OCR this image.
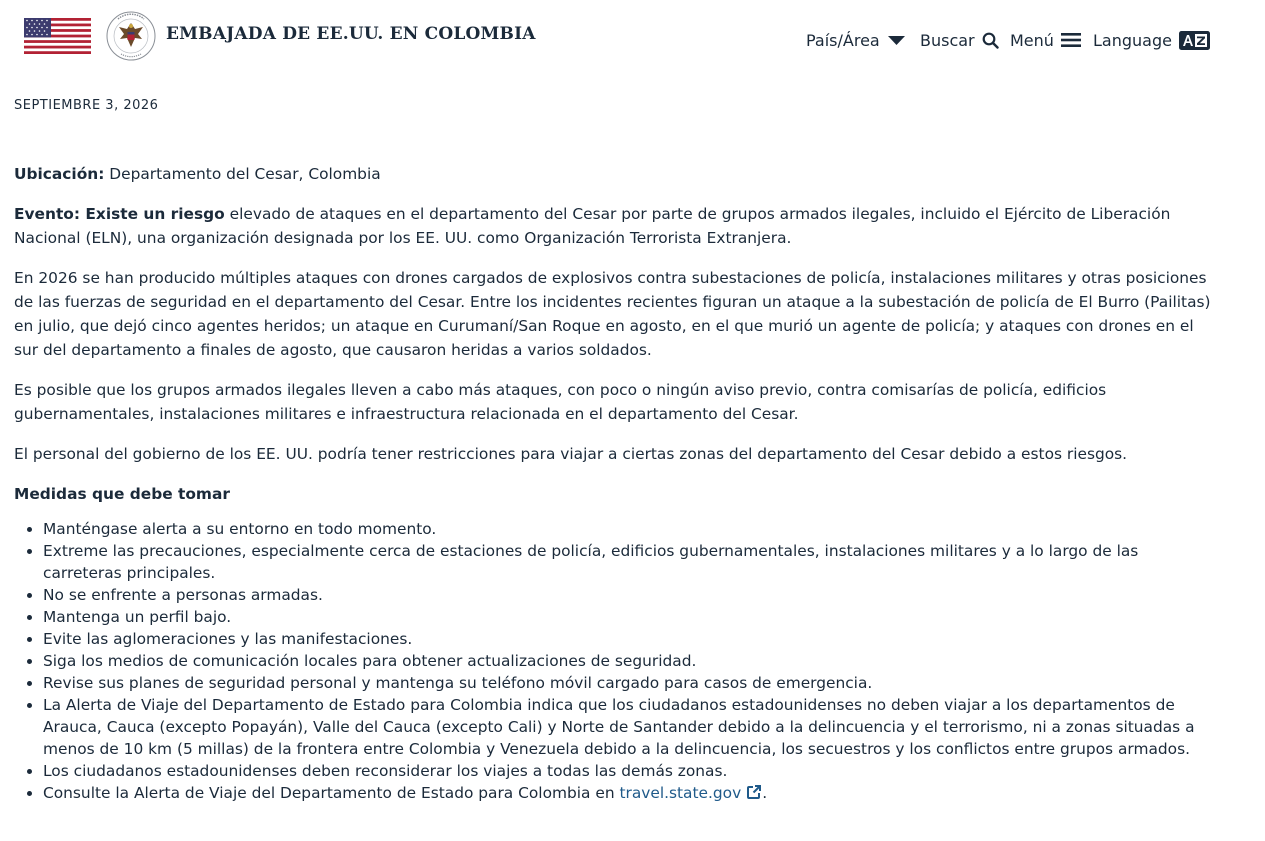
EMBAJADA DE EE.UU. EN COLOMBIA	País/Área	Buscar Menú Language
SEPTIEMBRE 3, 2026

Ubicación: Departamento del Cesar, Colombia

Evento: Existe un riesgo elevado de ataques en el departamento del Cesar por parte de grupos armados ilegales, incluido el Ejército de Liberación Nacional (ELN), una organización designada por los EE. UU. como Organización Terrorista Extranjera.

En 2026 se han producido múltiples ataques con drones cargados de explosivos contra subestaciones de policía, instalaciones militares y otras posiciones de las fuerzas de seguridad en el departamento del Cesar. Entre los incidentes recientes figuran un ataque a la subestación de policía de El Burro (Pailitas) en julio, que dejó cinco agentes heridos; un ataque en Curumaní/San Roque en agosto, en el que murió un agente de policía; y ataques con drones en el sur del departamento a finales de agosto, que causaron heridas a varios soldados.

Es posible que los grupos armados ilegales lleven a cabo más ataques, con poco o ningún aviso previo, contra comisarías de policía, edificios gubernamentales, instalaciones militares e infraestructura relacionada en el departamento del Cesar.

El personal del gobierno de los EE. UU. podría tener restricciones para viajar a ciertas zonas del departamento del Cesar debido a estos riesgos.

Medidas que debe tomar

• Manténgase alerta a su entorno en todo momento.
• Extreme las precauciones, especialmente cerca de estaciones de policía, edificios gubernamentales, instalaciones militares y a lo largo de las carreteras principales.
• No se enfrente a personas armadas.
• Mantenga un perfil bajo.
• Evite las aglomeraciones y las manifestaciones.
• Siga los medios de comunicación locales para obtener actualizaciones de seguridad.
• Revise sus planes de seguridad personal y mantenga su teléfono móvil cargado para casos de emergencia.
• La Alerta de Viaje del Departamento de Estado para Colombia indica que los ciudadanos estadounidenses no deben viajar a los departamentos de Arauca, Cauca (excepto Popayán), Valle del Cauca (excepto Cali) y Norte de Santander debido a la delincuencia y el terrorismo, ni a zonas situadas a menos de 10 km (5 millas) de la frontera entre Colombia y Venezuela debido a la delincuencia, los secuestros y los conflictos entre grupos armados.
• Los ciudadanos estadounidenses deben reconsiderar los viajes a todas las demás zonas.
• Consulte la Alerta de Viaje del Departamento de Estado para Colombia en travel.state.gov .
